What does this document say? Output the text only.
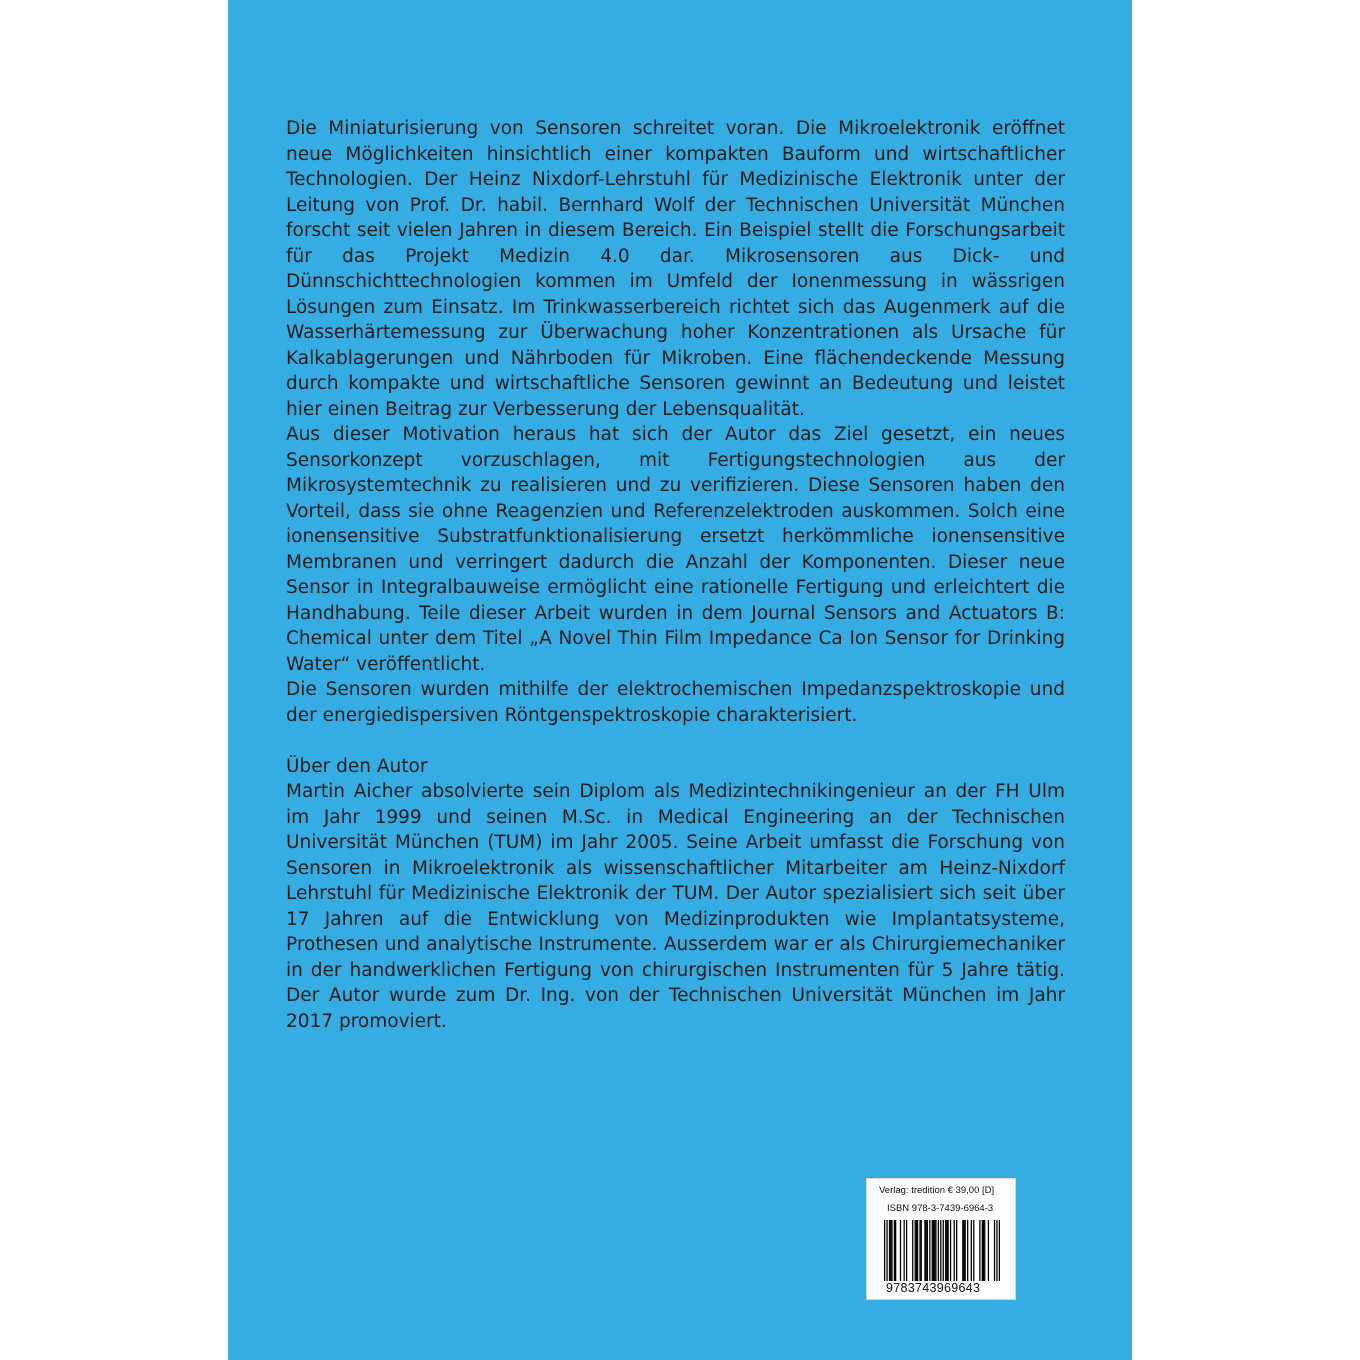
Die Miniaturisierung von Sensoren schreitet voran. Die Mikroelektronik eröffnet neue Möglichkeiten hinsichtlich einer kompakten Bauform und wirtschaftlicher Technologien. Der Heinz Nixdorf-Lehrstuhl für Medizinische Elektronik unter der Leitung von Prof. Dr. habil. Bernhard Wolf der Technischen Universität München forscht seit vielen Jahren in diesem Bereich. Ein Beispiel stellt die Forschungsarbeit für das Projekt Medizin 4.0 dar. Mikrosensoren aus Dick- und Dünnschichttechnologien kommen im Umfeld der Ionenmessung in wässrigen Lösungen zum Einsatz. Im Trinkwasserbereich richtet sich das Augenmerk auf die Wasserhärtemessung zur Überwachung hoher Konzentrationen als Ursache für Kalkablagerungen und Nährboden für Mikroben. Eine flächendeckende Messung durch kompakte und wirtschaftliche Sensoren gewinnt an Bedeutung und leistet hier einen Beitrag zur Verbesserung der Lebensqualität.

Aus dieser Motivation heraus hat sich der Autor das Ziel gesetzt, ein neues Sensorkonzept vorzuschlagen, mit Fertigungstechnologien aus der Mikrosystemtechnik zu realisieren und zu verifizieren. Diese Sensoren haben den Vorteil, dass sie ohne Reagenzien und Referenzelektroden auskommen. Solch eine ionensensitive Substratfunktionalisierung ersetzt herkömmliche ionensensitive Membranen und verringert dadurch die Anzahl der Komponenten. Dieser neue Sensor in Integralbauweise ermöglicht eine rationelle Fertigung und erleichtert die Handhabung. Teile dieser Arbeit wurden in dem Journal Sensors and Actuators B: Chemical unter dem Titel „A Novel Thin Film Impedance Ca Ion Sensor for Drinking Water“ veröffentlicht.

Die Sensoren wurden mithilfe der elektrochemischen Impedanzspektroskopie und der energiedispersiven Röntgenspektroskopie charakterisiert.

Über den Autor

Martin Aicher absolvierte sein Diplom als Medizintechnikingenieur an der FH Ulm im Jahr 1999 und seinen M.Sc. in Medical Engineering an der Technischen Universität München (TUM) im Jahr 2005. Seine Arbeit umfasst die Forschung von Sensoren in Mikroelektronik als wissenschaftlicher Mitarbeiter am Heinz-Nixdorf Lehrstuhl für Medizinische Elektronik der TUM. Der Autor spezialisiert sich seit über 17 Jahren auf die Entwicklung von Medizinprodukten wie Implantatsysteme, Prothesen und analytische Instrumente. Ausserdem war er als Chirurgiemechaniker in der handwerklichen Fertigung von chirurgischen Instrumenten für 5 Jahre tätig. Der Autor wurde zum Dr. Ing. von der Technischen Universität München im Jahr 2017 promoviert.

Verlag: tredition € 39,00 [D]
ISBN 978-3-7439-6964-3
9783743969643
